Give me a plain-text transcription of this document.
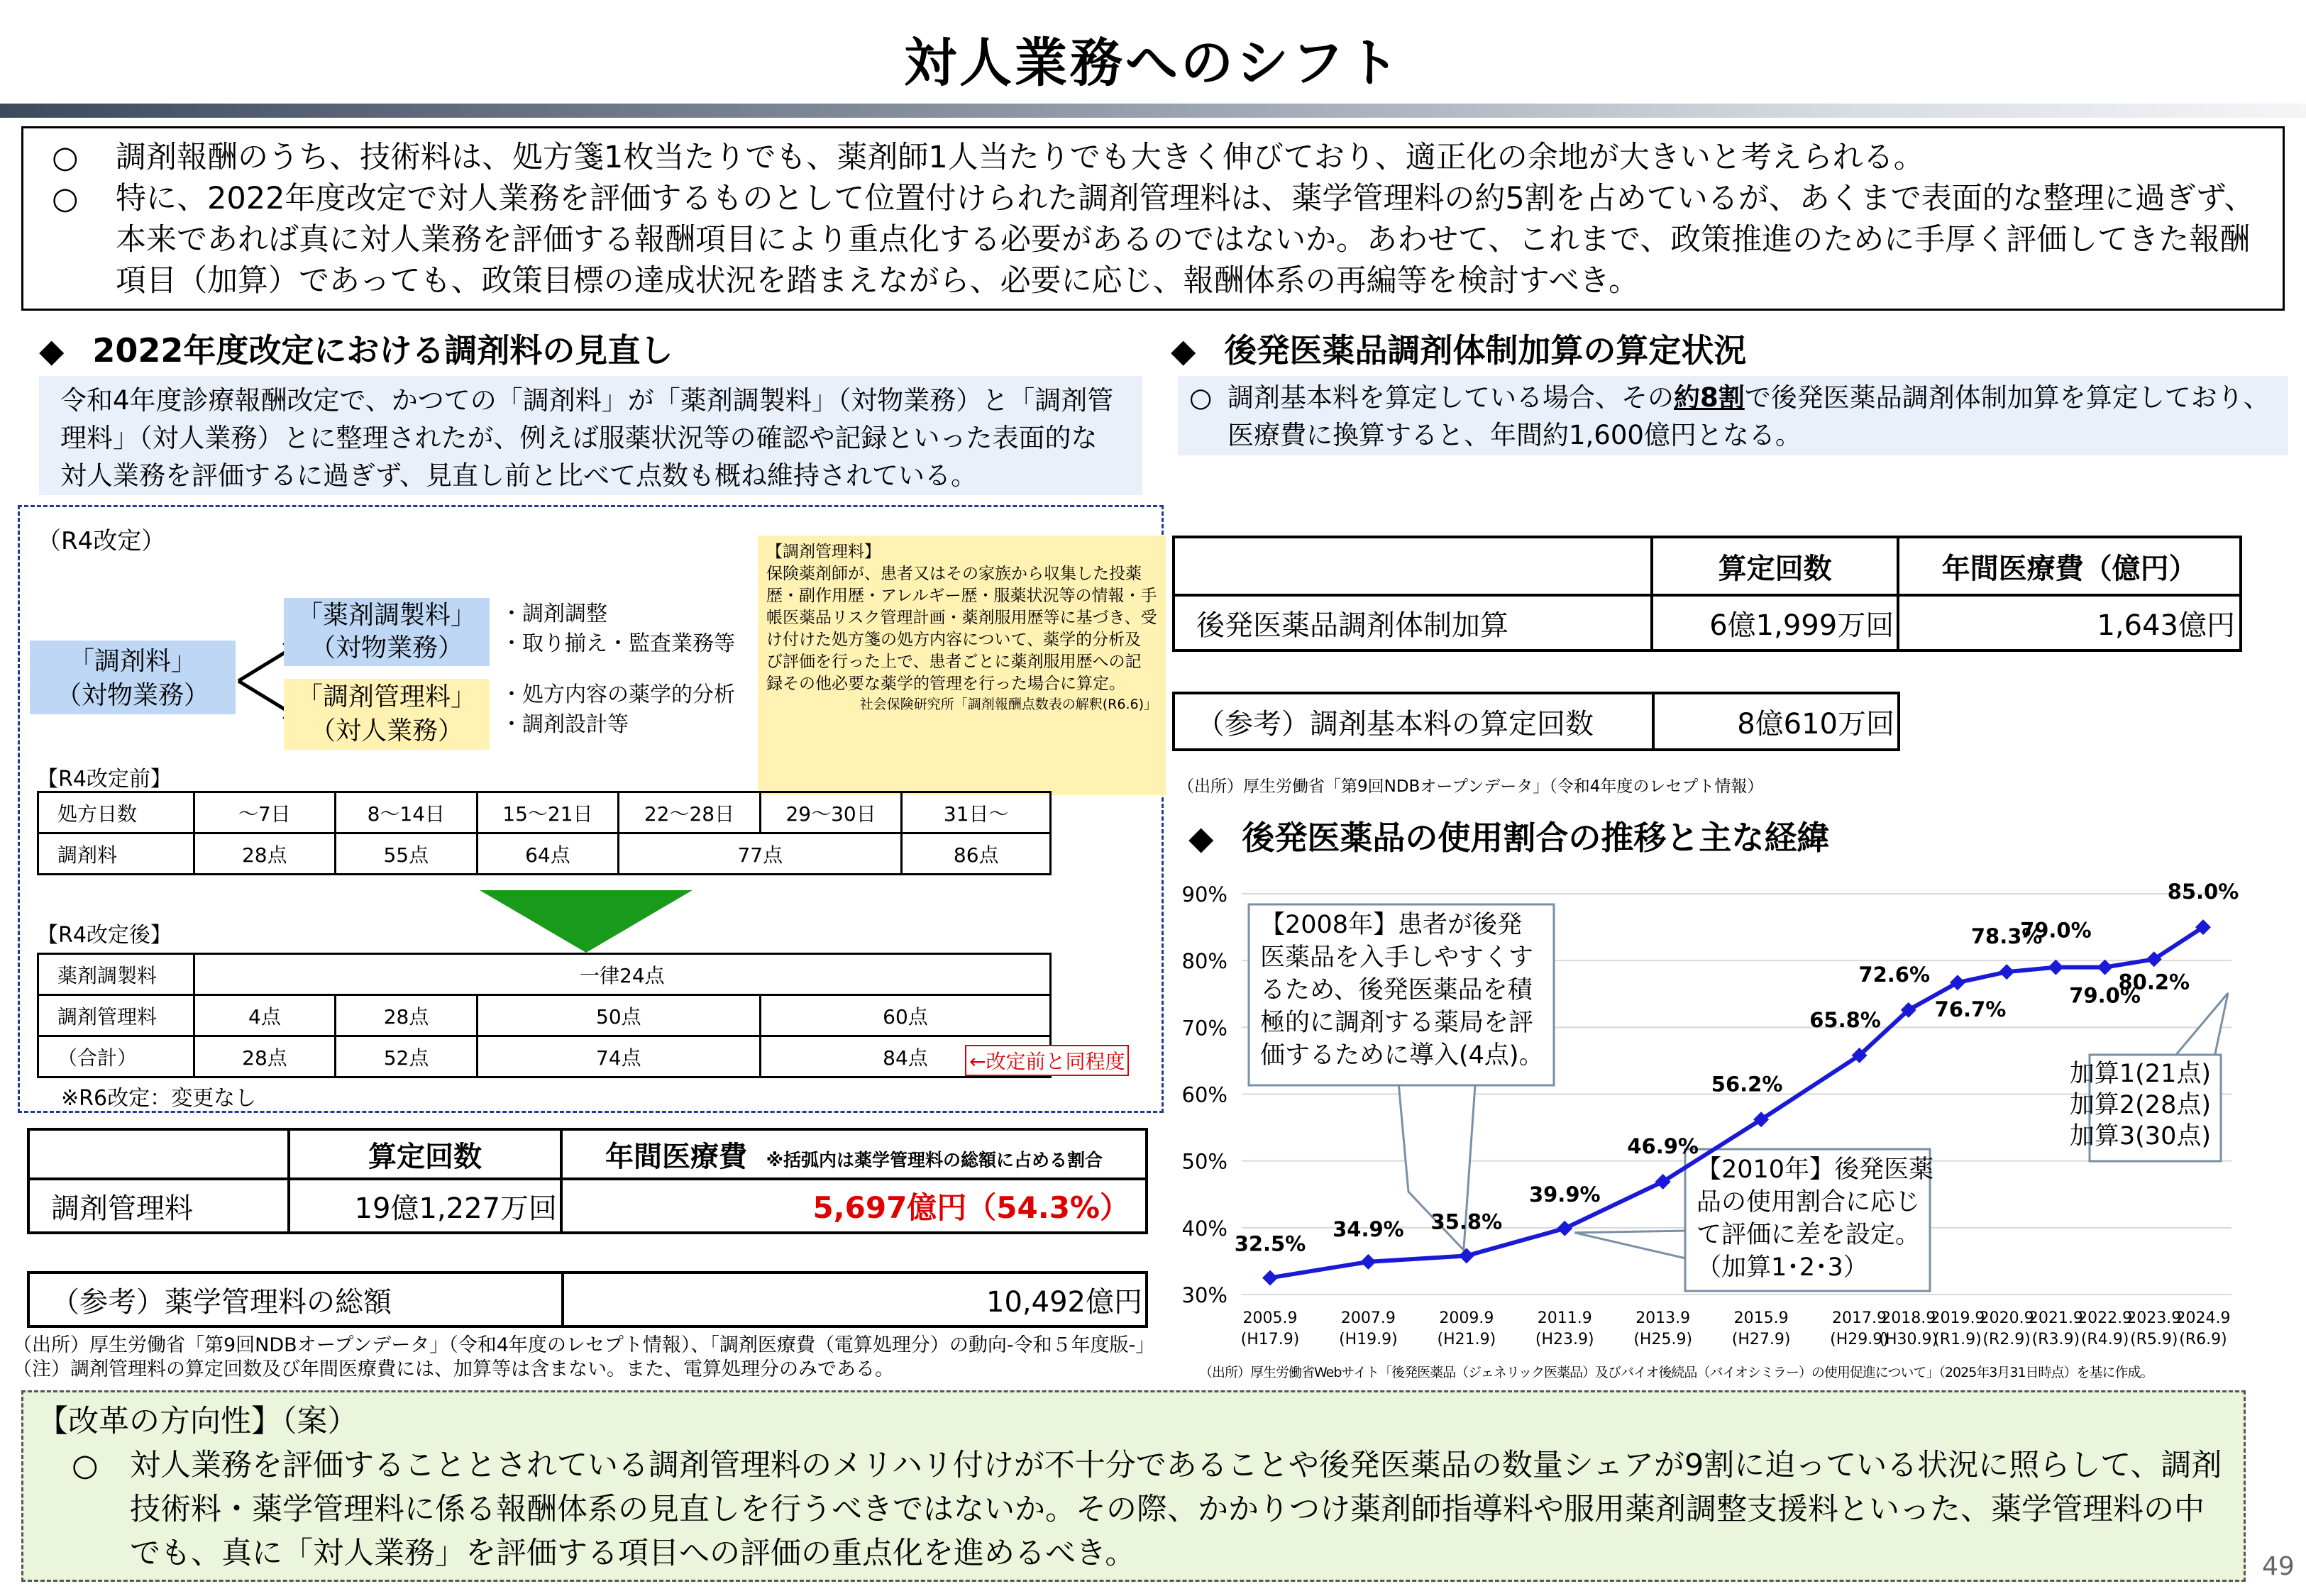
対人業務へのシフト
○ 調剤報酬のうち、技術料は、処方箋1枚当たりでも、薬剤師1人当たりでも大きく伸びており、適正化の余地が大きいと考えられる。
○ 特に、2022年度改定で対人業務を評価するものとして位置付けられた調剤管理料は、薬学管理料の約5割を占めているが、あくまで表面的な整理に過ぎず、本来であれば真に対人業務を評価する報酬項目により重点化する必要があるのではないか。あわせて、これまで、政策推進のために手厚く評価してきた報酬項目（加算）であっても、政策目標の達成状況を踏まえながら、必要に応じ、報酬体系の再編等を検討すべき。
◆ 2022年度改定における調剤料の見直し
令和4年度診療報酬改定で、かつての「調剤料」が「薬剤調製料」（対物業務）と「調剤管理料」（対人業務）とに整理されたが、例えば服薬状況等の確認や記録といった表面的な対人業務を評価するに過ぎず、見直し前と比べて点数も概ね維持されている。
（R4改定）
「調剤料」
（対物業務）
「薬剤調製料」
（対物業務）
「調剤管理料」
（対人業務）
・調剤調整
・取り揃え・監査業務等
・処方内容の薬学的分析
・調剤設計等
【調剤管理料】
保険薬剤師が、患者又はその家族から収集した投薬歴・副作用歴・アレルギー歴・服薬状況等の情報・手帳医薬品リスク管理計画・薬剤服用歴等に基づき、受け付けた処方箋の処方内容について、薬学的分析及び評価を行った上で、患者ごとに薬剤服用歴への記録その他必要な薬学的管理を行った場合に算定。
社会保険研究所「調剤報酬点数表の解釈(R6.6)」
【R4改定前】
処方日数	〜7日	8〜14日	15〜21日	22〜28日	29〜30日	31日〜
調剤料	28点	55点	64点	77点		86点
【R4改定後】
薬剤調製料	一律24点			
調剤管理料	4点	28点	50点	60点
（合計）	28点	52点	74点	84点 ←改定前と同程度
※R6改定：変更なし
	算定回数	年間医療費 ※括弧内は薬学管理料の総額に占める割合
調剤管理料	19億1,227万回	5,697億円（54.3%）
（参考）薬学管理料の総額	10,492億円
（出所）厚生労働省「第9回NDBオープンデータ」（令和4年度のレセプト情報）、「調剤医療費（電算処理分）の動向-令和５年度版-」
（注）調剤管理料の算定回数及び年間医療費には、加算等は含まない。また、電算処理分のみである。
◆ 後発医薬品調剤体制加算の算定状況
○ 調剤基本料を算定している場合、その約8割で後発医薬品調剤体制加算を算定しており、医療費に換算すると、年間約1,600億円となる。
	算定回数	年間医療費（億円）
後発医薬品調剤体制加算	6億1,999万回	1,643億円
（参考）調剤基本料の算定回数	8億610万回
（出所）厚生労働省「第9回NDBオープンデータ」（令和4年度のレセプト情報）
◆ 後発医薬品の使用割合の推移と主な経緯
30%
40%
50%
60%
70%
80%
90%
2005.9
(H17.9)
2007.9
(H19.9)
2009.9
(H21.9)
2011.9
(H23.9)
2013.9
(H25.9)
2015.9
(H27.9)
2017.9
(H29.9)
2018.9
(H30.9)
2019.9
(R1.9)
2020.9
(R2.9)
2021.9
(R3.9)
2022.9
(R4.9)
2023.9
(R5.9)
2024.9
(R6.9)
【2008年】患者が後発
医薬品を入手しやすくす
るため、後発医薬品を積
極的に調剤する薬局を評
価するために導入(4点)。
【2010年】後発医薬
品の使用割合に応じ
て評価に差を設定。
（加算1･2･3）
加算1(21点)
加算2(28点)
加算3(30点)
32.5%
34.9% 35.8%
39.9%
46.9%
56.2%
65.8%
72.6%
76.7%
78.3%
79.0%
79.0%
80.2%
85.0%
（出所）厚生労働省Webサイト「後発医薬品（ジェネリック医薬品）及びバイオ後続品（バイオシミラー）の使用促進について」（2025年3月31日時点）を基に作成。
【改革の方向性】（案）
○ 対人業務を評価することとされている調剤管理料のメリハリ付けが不十分であることや後発医薬品の数量シェアが9割に迫っている状況に照らして、調剤技術料・薬学管理料に係る報酬体系の見直しを行うべきではないか。その際、かかりつけ薬剤師指導料や服用薬剤調整支援料といった、薬学管理料の中でも、真に「対人業務」を評価する項目への評価の重点化を進めるべき。	49
